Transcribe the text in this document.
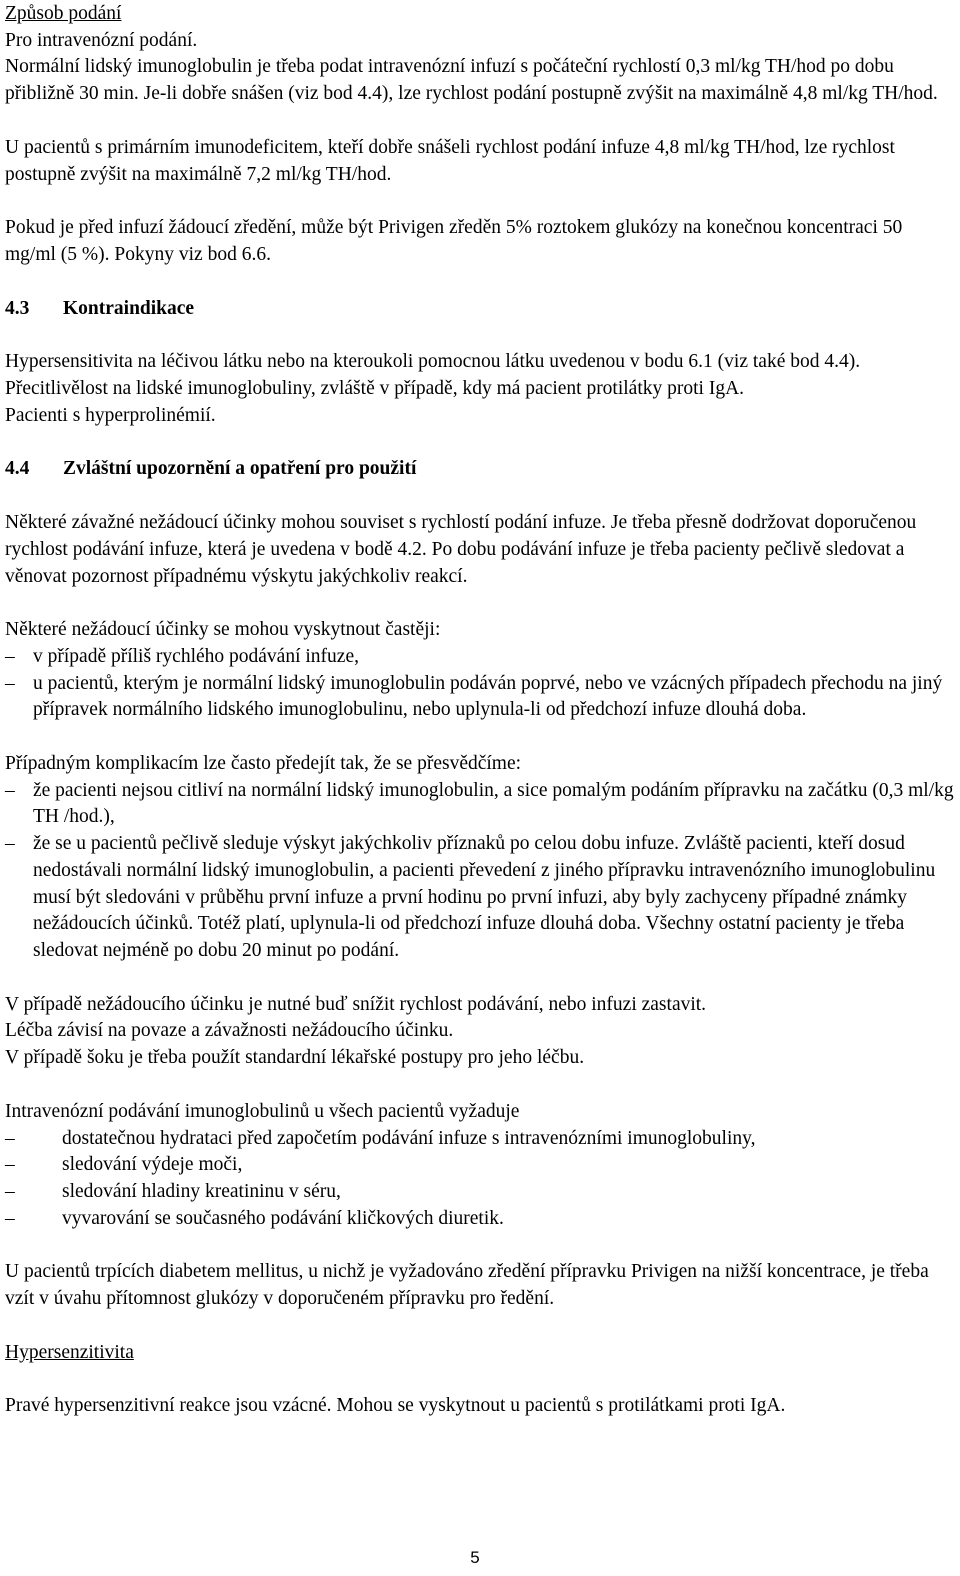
Způsob podání

Pro intravenózní podání.

Normální lidský imunoglobulin je třeba podat intravenózní infuzí s počáteční rychlostí 0,3 ml/kg TH/hod po dobu přibližně 30 min. Je-li dobře snášen (viz bod 4.4), lze rychlost podání postupně zvýšit na maximálně 4,8 ml/kg TH/hod.

U pacientů s primárním imunodeficitem, kteří dobře snášeli rychlost podání infuze 4,8 ml/kg TH/hod, lze rychlost postupně zvýšit na maximálně 7,2 ml/kg TH/hod.

Pokud je před infuzí žádoucí zředění, může být Privigen zředěn 5% roztokem glukózy na konečnou koncentraci 50 mg/ml (5 %). Pokyny viz bod 6.6.

4.3 Kontraindikace

Hypersensitivita na léčivou látku nebo na kteroukoli pomocnou látku uvedenou v bodu 6.1 (viz také bod 4.4).

Přecitlivělost na lidské imunoglobuliny, zvláště v případě, kdy má pacient protilátky proti IgA.

Pacienti s hyperprolinémií.

4.4 Zvláštní upozornění a opatření pro použití

Některé závažné nežádoucí účinky mohou souviset s rychlostí podání infuze. Je třeba přesně dodržovat doporučenou rychlost podávání infuze, která je uvedena v bodě 4.2. Po dobu podávání infuze je třeba pacienty pečlivě sledovat a věnovat pozornost případnému výskytu jakýchkoliv reakcí.

Některé nežádoucí účinky se mohou vyskytnout častěji:

– v případě příliš rychlého podávání infuze,
– u pacientů, kterým je normální lidský imunoglobulin podáván poprvé, nebo ve vzácných případech přechodu na jiný přípravek normálního lidského imunoglobulinu, nebo uplynula-li od předchozí infuze dlouhá doba.

Případným komplikacím lze často předejít tak, že se přesvědčíme:

– že pacienti nejsou citliví na normální lidský imunoglobulin, a sice pomalým podáním přípravku na začátku (0,3 ml/kg TH /hod.),
– že se u pacientů pečlivě sleduje výskyt jakýchkoliv příznaků po celou dobu infuze. Zvláště pacienti, kteří dosud nedostávali normální lidský imunoglobulin, a pacienti převedení z jiného přípravku intravenózního imunoglobulinu musí být sledováni v průběhu první infuze a první hodinu po první infuzi, aby byly zachyceny případné známky nežádoucích účinků. Totéž platí, uplynula-li od předchozí infuze dlouhá doba. Všechny ostatní pacienty je třeba sledovat nejméně po dobu 20 minut po podání.

V případě nežádoucího účinku je nutné buď snížit rychlost podávání, nebo infuzi zastavit.

Léčba závisí na povaze a závažnosti nežádoucího účinku.

V případě šoku je třeba použít standardní lékařské postupy pro jeho léčbu.

Intravenózní podávání imunoglobulinů u všech pacientů vyžaduje

–	dostatečnou hydrataci před započetím podávání infuze s intravenózními imunoglobuliny,
–	sledování výdeje moči,
–	sledování hladiny kreatininu v séru,
–	vyvarování se současného podávání kličkových diuretik.

U pacientů trpících diabetem mellitus, u nichž je vyžadováno zředění přípravku Privigen na nižší koncentrace, je třeba vzít v úvahu přítomnost glukózy v doporučeném přípravku pro ředění.

Hypersenzitivita

Pravé hypersenzitivní reakce jsou vzácné. Mohou se vyskytnout u pacientů s protilátkami proti IgA.

5
